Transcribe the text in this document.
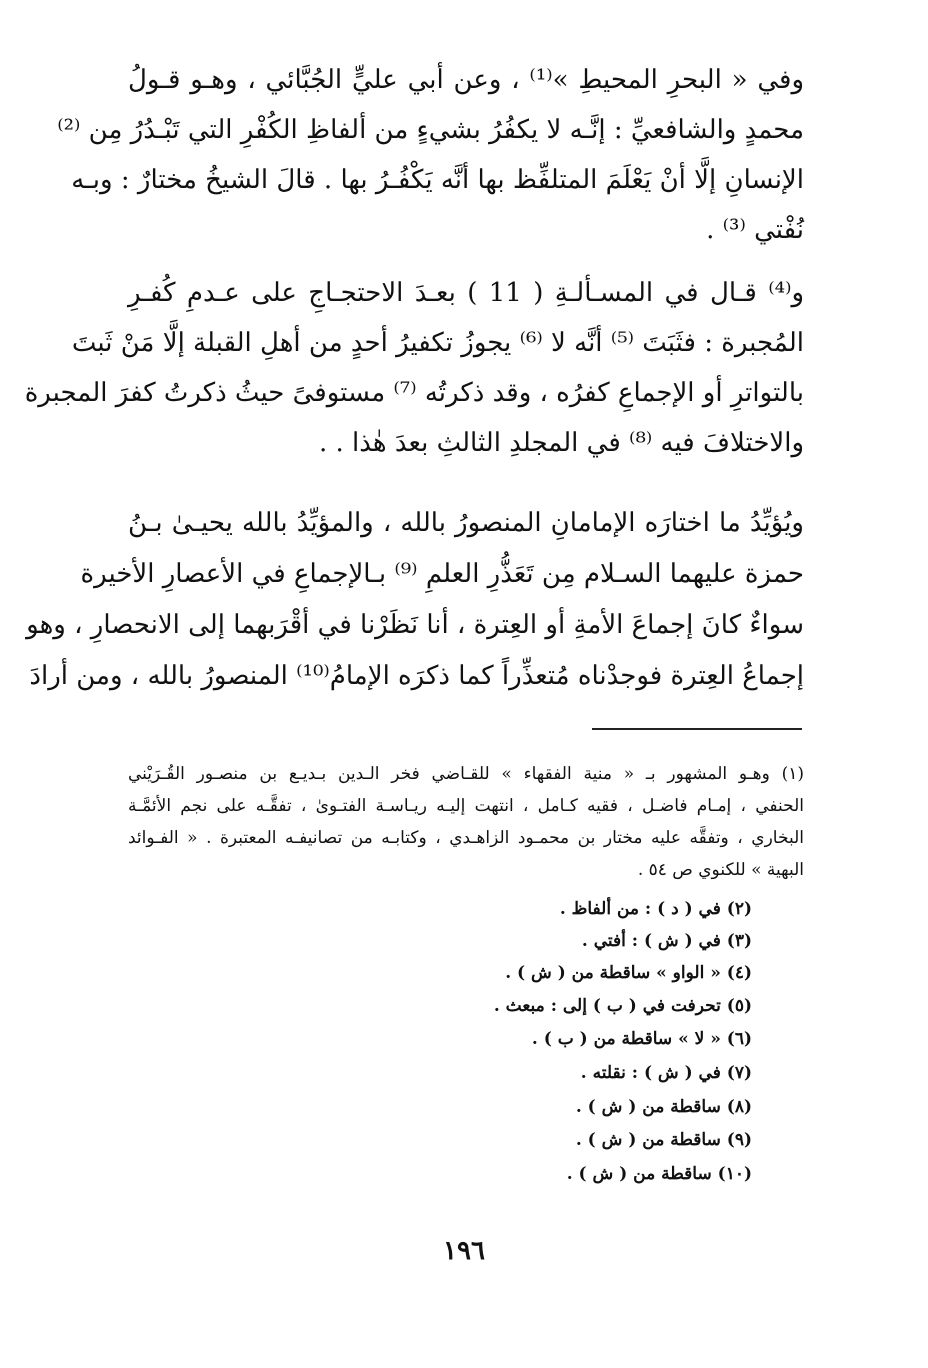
وفي « البحرِ المحيطِ »⁽¹⁾ ، وعن أبي عليٍّ الجُبَّائي ، وهـو قـولُ
محمدٍ والشافعيِّ : إنَّـه لا يكفُرُ بشيءٍ من ألفاظِ الكُفْرِ التي تَبْـدُرُ مِن ⁽²⁾
الإنسانِ إلَّا أنْ يَعْلَمَ المتلفِّظ بها أنَّه يَكْفُـرُ بها . قالَ الشيخُ مختارٌ : وبـه
نُفْتي ⁽³⁾ .
و⁽⁴⁾ قـال في المسـألـةِ ( 11 ) بعـدَ الاحتجـاجِ على عـدمِ كُفـرِ
المُجبرة : فثَبَتَ ⁽⁵⁾ أنَّه لا ⁽⁶⁾ يجوزُ تكفيرُ أحدٍ من أهلِ القبلة إلَّا مَنْ ثَبتَ
بالتواترِ أو الإجماعِ كفرُه ، وقد ذكرتُه ⁽⁷⁾ مستوفىً حيثُ ذكرتُ كفرَ المجبرة
والاختلافَ فيه ⁽⁸⁾ في المجلدِ الثالثِ بعدَ هٰذا . .
ويُؤيِّدُ ما اختارَه الإمامانِ المنصورُ بالله ، والمؤيِّدُ بالله يحيـىٰ بـنُ
حمزة عليهما السـلام مِن تَعَذُّرِ العلمِ ⁽⁹⁾ بـالإجماعِ في الأعصارِ الأخيرة
سواءٌ كانَ إجماعَ الأمةِ أو العِترة ، أنا نَظَرْنا في أقْرَبهما إلى الانحصارِ ، وهو
إجماعُ العِترة فوجدْناه مُتعذِّراً كما ذكرَه الإمامُ⁽¹⁰⁾ المنصورُ بالله ، ومن أرادَ
(١) وهـو المشهور بـ « منية الفقهاء » للقـاضي فخر الـدين بـديـع بن منصـور القُـرَيْني
الحنفي ، إمـام فاضـل ، فقيه كـامل ، انتهت إليـه ريـاسـة الفتـوىٰ ، تفقَّـه على نجم الأئمَّـة
البخاري ، وتفقَّه عليه مختار بن محمـود الزاهـدي ، وكتابـه من تصانيفـه المعتبرة . « الفـوائد
البهية » للكنوي ص ٥٤ .
(٢) في ( د ) : من ألفاظ .
(٣) في ( ش ) : أفتي .
(٤) « الواو » ساقطة من ( ش ) .
(٥) تحرفت في ( ب ) إلى : مبعث .
(٦) « لا » ساقطة من ( ب ) .
(٧) في ( ش ) : نقلته .
(٨) ساقطة من ( ش ) .
(٩) ساقطة من ( ش ) .
(١٠) ساقطة من ( ش ) .
١٩٦
